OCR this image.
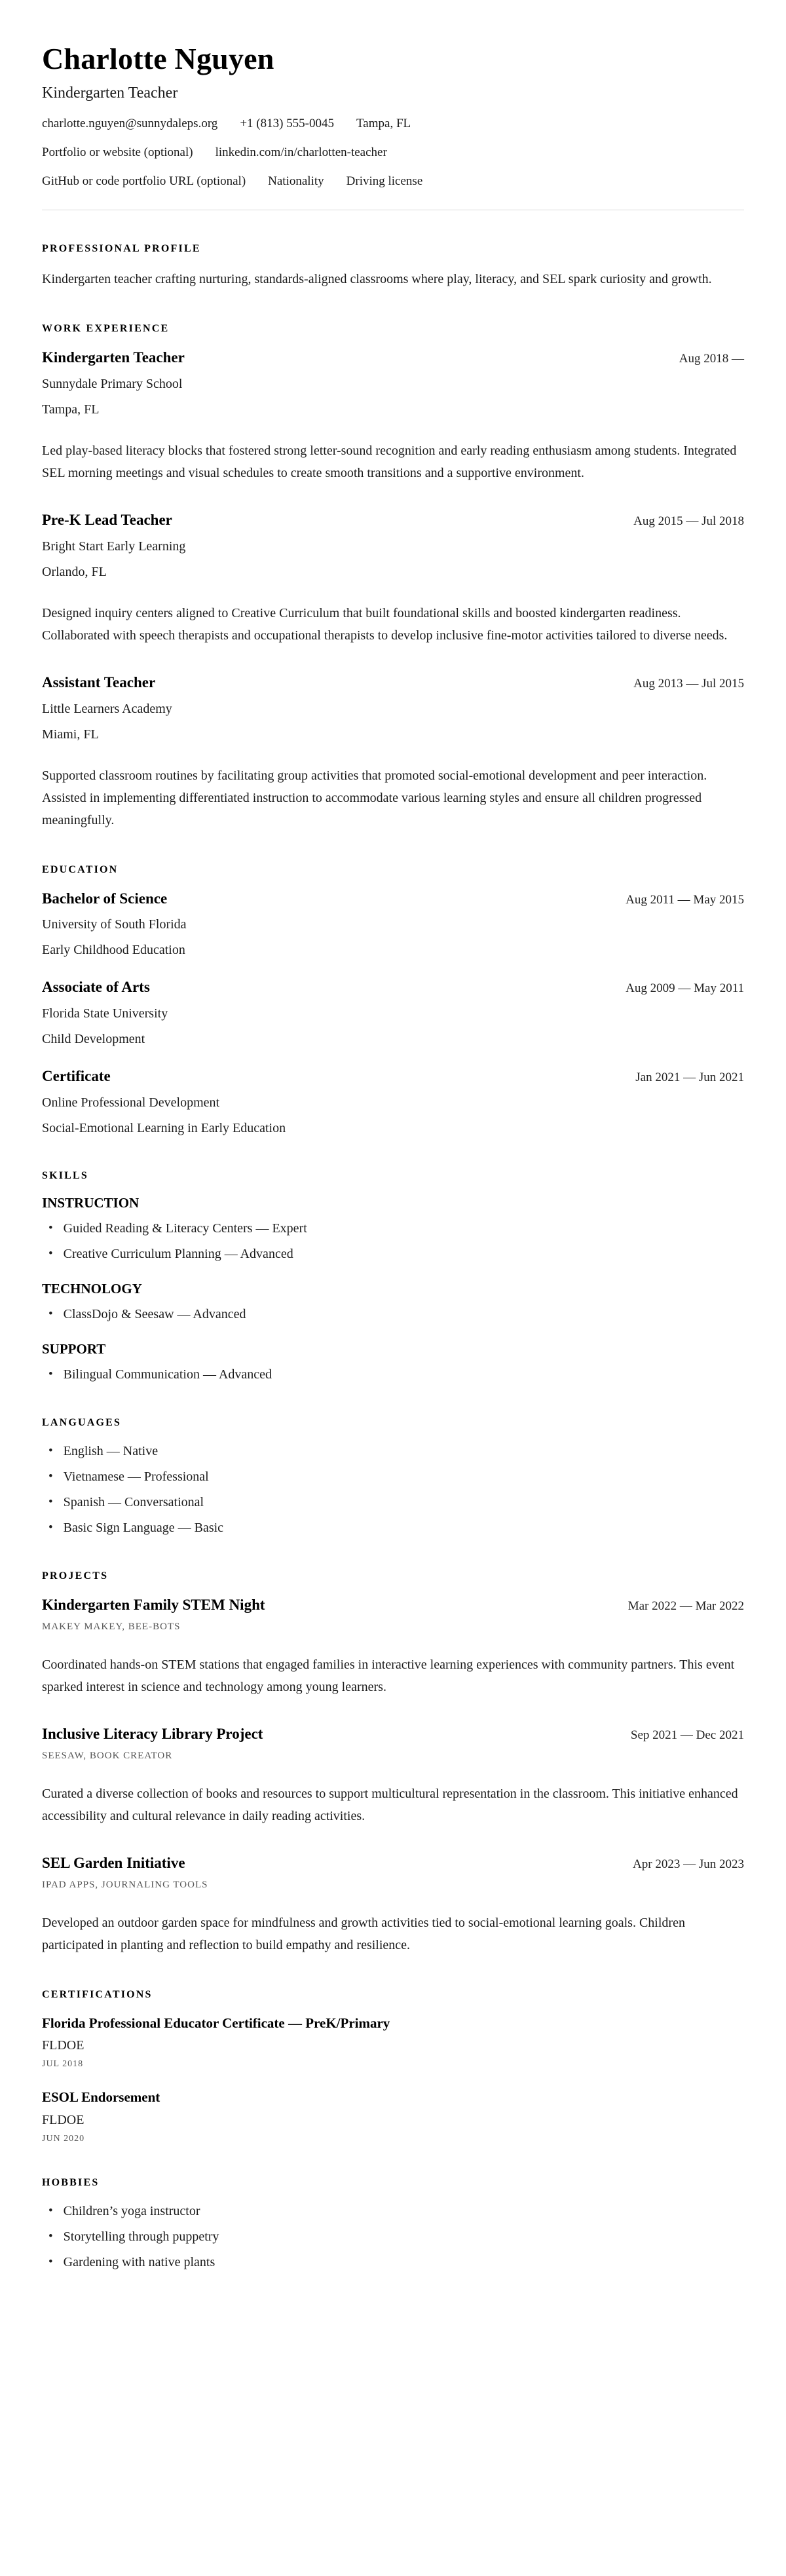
Charlotte Nguyen
Kindergarten Teacher
charlotte.nguyen@sunnydaleps.org +1 (813) 555-0045 Tampa, FL
Portfolio or website (optional) linkedin.com/in/charlotten-teacher
GitHub or code portfolio URL (optional) Nationality Driving license
PROFESSIONAL PROFILE

Kindergarten teacher crafting nurturing, standards-aligned classrooms where play, literacy, and SEL spark curiosity and growth.

WORK EXPERIENCE
Kindergarten Teacher	Aug 2018 —
Sunnydale Primary School
Tampa, FL

Led play-based literacy blocks that fostered strong letter-sound recognition and early reading enthusiasm among students. Integrated SEL morning meetings and visual schedules to create smooth transitions and a supportive environment.

Pre-K Lead Teacher	Aug 2015 — Jul 2018
Bright Start Early Learning
Orlando, FL

Designed inquiry centers aligned to Creative Curriculum that built foundational skills and boosted kindergarten readiness. Collaborated with speech therapists and occupational therapists to develop inclusive fine-motor activities tailored to diverse needs.

Assistant Teacher	Aug 2013 — Jul 2015
Little Learners Academy
Miami, FL

Supported classroom routines by facilitating group activities that promoted social-emotional development and peer interaction. Assisted in implementing differentiated instruction to accommodate various learning styles and ensure all children progressed meaningfully.

EDUCATION
Bachelor of Science	Aug 2011 — May 2015
University of South Florida
Early Childhood Education
Associate of Arts	Aug 2009 — May 2011
Florida State University
Child Development
Certificate	Jan 2021 — Jun 2021
Online Professional Development
Social-Emotional Learning in Early Education
SKILLS
INSTRUCTION
• Guided Reading & Literacy Centers — Expert
• Creative Curriculum Planning — Advanced
TECHNOLOGY
• ClassDojo & Seesaw — Advanced
SUPPORT
• Bilingual Communication — Advanced
LANGUAGES
• English — Native
• Vietnamese — Professional
• Spanish — Conversational
• Basic Sign Language — Basic
PROJECTS
Kindergarten Family STEM Night	Mar 2022 — Mar 2022
MAKEY MAKEY, BEE-BOTS

Coordinated hands-on STEM stations that engaged families in interactive learning experiences with community partners. This event sparked interest in science and technology among young learners.

Inclusive Literacy Library Project	Sep 2021 — Dec 2021
SEESAW, BOOK CREATOR

Curated a diverse collection of books and resources to support multicultural representation in the classroom. This initiative enhanced accessibility and cultural relevance in daily reading activities.

SEL Garden Initiative	Apr 2023 — Jun 2023
IPAD APPS, JOURNALING TOOLS

Developed an outdoor garden space for mindfulness and growth activities tied to social-emotional learning goals. Children participated in planting and reflection to build empathy and resilience.

CERTIFICATIONS
Florida Professional Educator Certificate — PreK/Primary
FLDOE
JUL 2018
ESOL Endorsement
FLDOE
JUN 2020
HOBBIES
• Children’s yoga instructor
• Storytelling through puppetry
• Gardening with native plants
